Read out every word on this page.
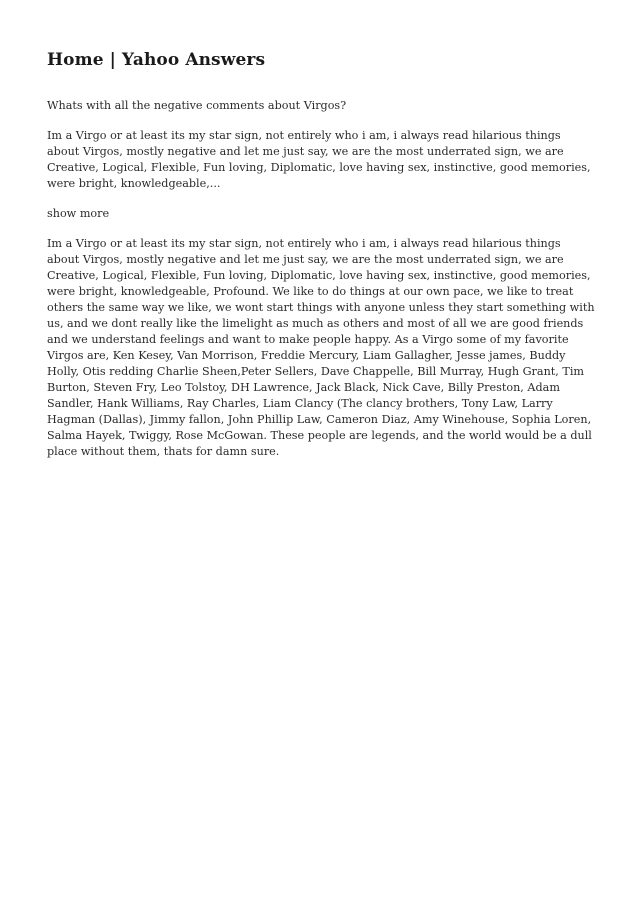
Home | Yahoo Answers

Whats with all the negative comments about Virgos?

Im a Virgo or at least its my star sign, not entirely who i am, i always read hilarious things about Virgos, mostly negative and let me just say, we are the most underrated sign, we are Creative, Logical, Flexible, Fun loving, Diplomatic, love having sex, instinctive, good memories, were bright, knowledgeable,...

show more

Im a Virgo or at least its my star sign, not entirely who i am, i always read hilarious things about Virgos, mostly negative and let me just say, we are the most underrated sign, we are Creative, Logical, Flexible, Fun loving, Diplomatic, love having sex, instinctive, good memories, were bright, knowledgeable, Profound. We like to do things at our own pace, we like to treat others the same way we like, we wont start things with anyone unless they start something with us, and we dont really like the limelight as much as others and most of all we are good friends and we understand feelings and want to make people happy. As a Virgo some of my favorite Virgos are, Ken Kesey, Van Morrison, Freddie Mercury, Liam Gallagher, Jesse james, Buddy Holly, Otis redding Charlie Sheen,Peter Sellers, Dave Chappelle, Bill Murray, Hugh Grant, Tim Burton, Steven Fry, Leo Tolstoy, DH Lawrence, Jack Black, Nick Cave, Billy Preston, Adam Sandler, Hank Williams, Ray Charles, Liam Clancy (The clancy brothers, Tony Law, Larry Hagman (Dallas), Jimmy fallon, John Phillip Law, Cameron Diaz, Amy Winehouse, Sophia Loren, Salma Hayek, Twiggy, Rose McGowan. These people are legends, and the world would be a dull place without them, thats for damn sure.
